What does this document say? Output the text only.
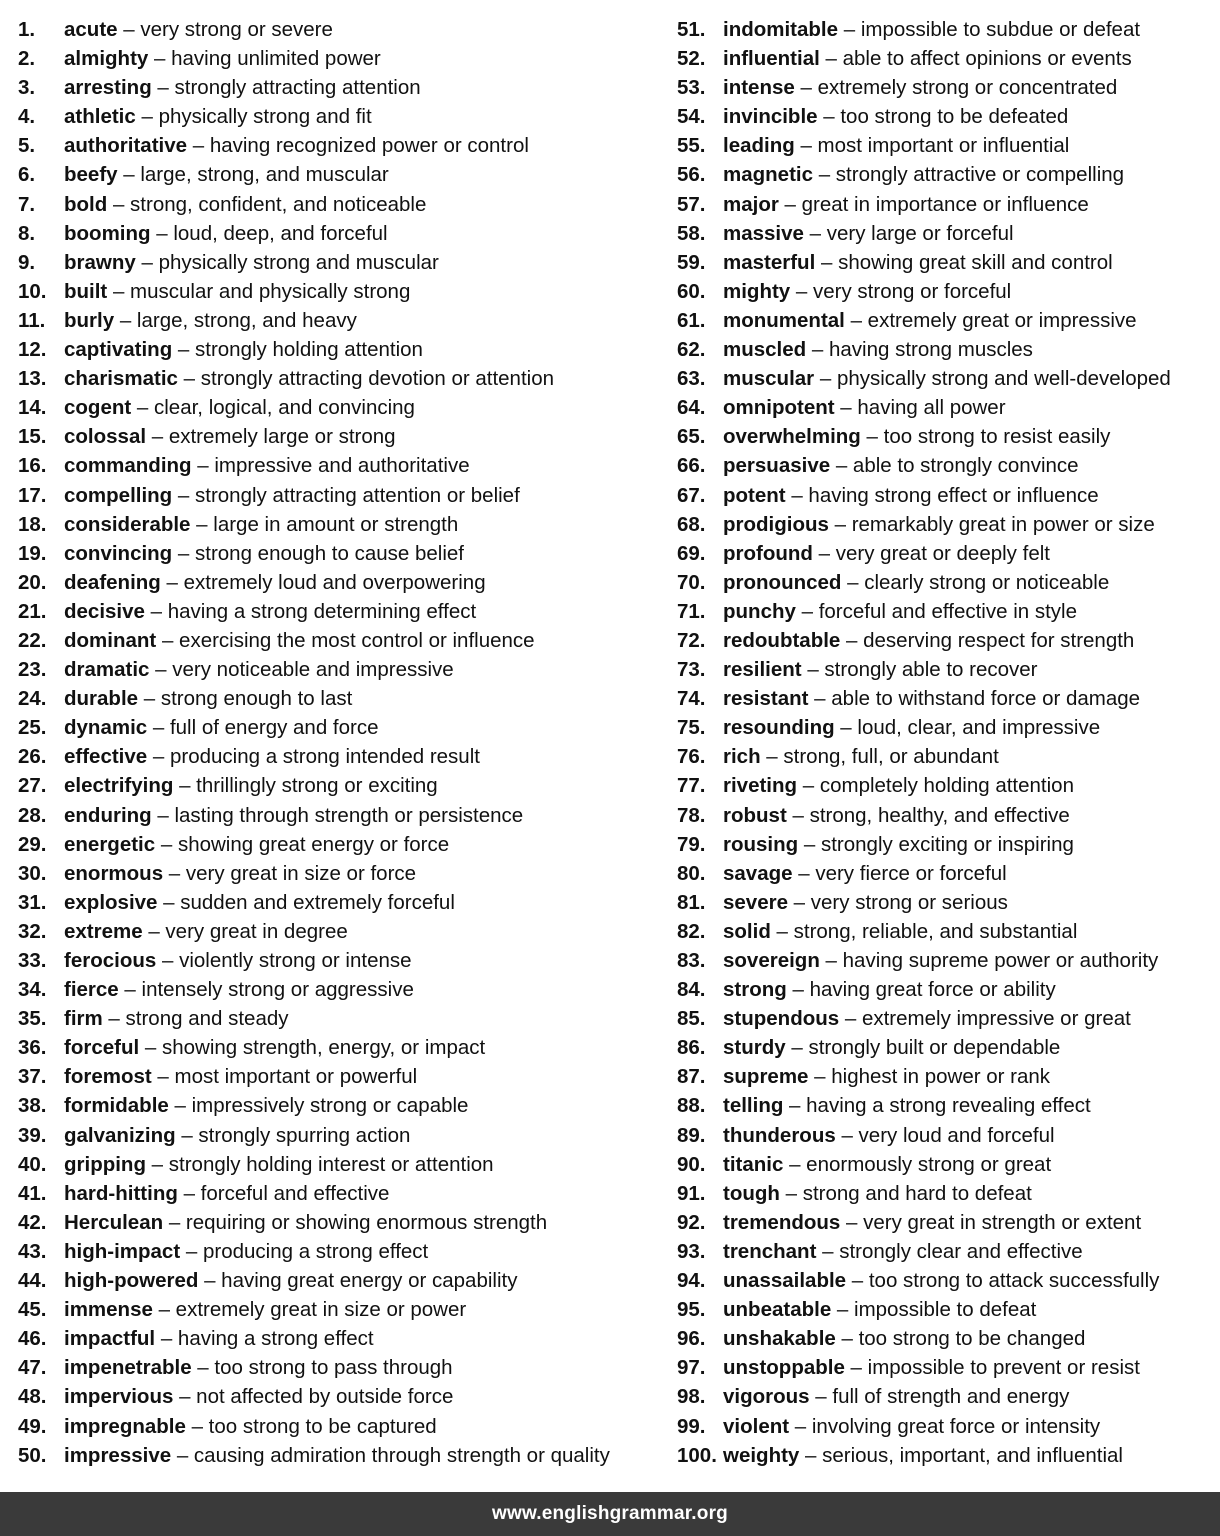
1.	acute – very strong or severe
2.	almighty – having unlimited power
3.	arresting – strongly attracting attention
4.	athletic – physically strong and fit
5.	authoritative – having recognized power or control
6.	beefy – large, strong, and muscular
7.	bold – strong, confident, and noticeable
8.	booming – loud, deep, and forceful
9.	brawny – physically strong and muscular
10. built – muscular and physically strong
11. burly – large, strong, and heavy
12. captivating – strongly holding attention
13. charismatic – strongly attracting devotion or attention
14. cogent – clear, logical, and convincing
15. colossal – extremely large or strong
16. commanding – impressive and authoritative
17. compelling – strongly attracting attention or belief
18. considerable – large in amount or strength
19. convincing – strong enough to cause belief
20. deafening – extremely loud and overpowering
21. decisive – having a strong determining effect
22. dominant – exercising the most control or influence
23. dramatic – very noticeable and impressive
24. durable – strong enough to last
25. dynamic – full of energy and force
26. effective – producing a strong intended result
27. electrifying – thrillingly strong or exciting
28. enduring – lasting through strength or persistence
29. energetic – showing great energy or force
30. enormous – very great in size or force
31. explosive – sudden and extremely forceful
32. extreme – very great in degree
33. ferocious – violently strong or intense
34. fierce – intensely strong or aggressive
35. firm – strong and steady
36. forceful – showing strength, energy, or impact
37. foremost – most important or powerful
38. formidable – impressively strong or capable
39. galvanizing – strongly spurring action
40. gripping – strongly holding interest or attention
41. hard-hitting – forceful and effective
42. Herculean – requiring or showing enormous strength
43. high-impact – producing a strong effect
44. high-powered – having great energy or capability
45. immense – extremely great in size or power
46. impactful – having a strong effect
47. impenetrable – too strong to pass through
48. impervious – not affected by outside force
49. impregnable – too strong to be captured
50. impressive – causing admiration through strength or quality
51. indomitable – impossible to subdue or defeat
52. influential – able to affect opinions or events
53. intense – extremely strong or concentrated
54. invincible – too strong to be defeated
55. leading – most important or influential
56. magnetic – strongly attractive or compelling
57. major – great in importance or influence
58. massive – very large or forceful
59. masterful – showing great skill and control
60. mighty – very strong or forceful
61. monumental – extremely great or impressive
62. muscled – having strong muscles
63. muscular – physically strong and well-developed
64. omnipotent – having all power
65. overwhelming – too strong to resist easily
66. persuasive – able to strongly convince
67. potent – having strong effect or influence
68. prodigious – remarkably great in power or size
69. profound – very great or deeply felt
70. pronounced – clearly strong or noticeable
71. punchy – forceful and effective in style
72. redoubtable – deserving respect for strength
73. resilient – strongly able to recover
74. resistant – able to withstand force or damage
75. resounding – loud, clear, and impressive
76. rich – strong, full, or abundant
77. riveting – completely holding attention
78. robust – strong, healthy, and effective
79. rousing – strongly exciting or inspiring
80. savage – very fierce or forceful
81. severe – very strong or serious
82. solid – strong, reliable, and substantial
83. sovereign – having supreme power or authority
84. strong – having great force or ability
85. stupendous – extremely impressive or great
86. sturdy – strongly built or dependable
87. supreme – highest in power or rank
88. telling – having a strong revealing effect
89. thunderous – very loud and forceful
90. titanic – enormously strong or great
91. tough – strong and hard to defeat
92. tremendous – very great in strength or extent
93. trenchant – strongly clear and effective
94. unassailable – too strong to attack successfully
95. unbeatable – impossible to defeat
96. unshakable – too strong to be changed
97. unstoppable – impossible to prevent or resist
98. vigorous – full of strength and energy
99. violent – involving great force or intensity
100. weighty – serious, important, and influential
www.englishgrammar.org
